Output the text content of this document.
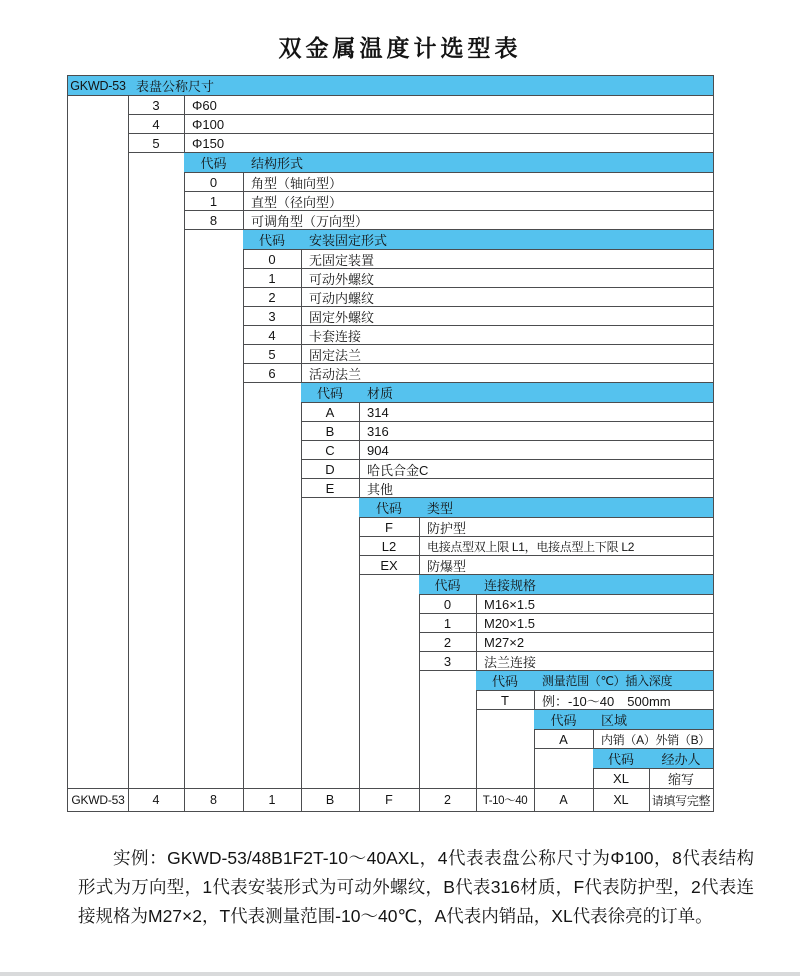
双金属温度计选型表
GKWD-53 表盘公称尺寸
3	Φ60
4	Φ100
5	Φ150
代码	结构形式
0	角型（轴向型）
1	直型（径向型）
8	可调角型（万向型）
代码	安装固定形式
0	无固定装置
1	可动外螺纹
2	可动内螺纹
3	固定外螺纹
4	卡套连接
5	固定法兰
6	活动法兰
代码	材质
A	314
B	316
C	904
D	哈氏合金C
E	其他
代码	类型
F	防护型
L2	电接点型双上限 L1，电接点型上下限 L2
EX	防爆型
代码	连接规格
0	M16×1.5
1	M20×1.5
2	M27×2
3	法兰连接
代码	测量范围（℃）插入深度
T	例：-10～40　500mm
代码	区域
A	内销（A）外销（B）
代码	经办人
XL	缩写
GKWD-53	4	8	1	B	F	2	T-10～40	A	XL	请填写完整

实例：GKWD-53/48B1F2T-10～40AXL，4代表表盘公称尺寸为Φ100，8代表结构形式为万向型，1代表安装形式为可动外螺纹，B代表316材质，F代表防护型，2代表连接规格为M27×2，T代表测量范围-10～40℃，A代表内销品，XL代表徐亮的订单。
